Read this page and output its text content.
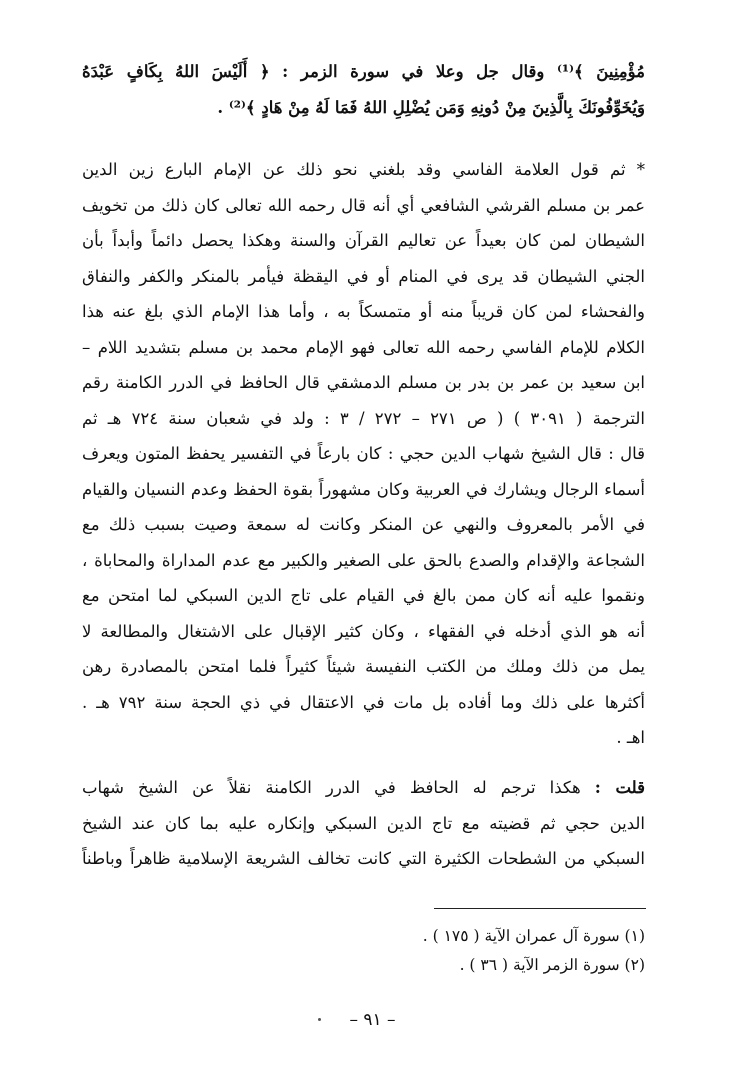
مُؤْمِنِينَ ﴾⁽¹⁾ وقال جل وعلا في سورة الزمر : ﴿ أَلَيْسَ اللهُ بِكَافٍ عَبْدَهُ
وَيُخَوِّفُونَكَ بِالَّذِينَ مِنْ دُونِهِ وَمَن يُضْلِلِ اللهُ فَمَا لَهُ مِنْ هَادٍ ﴾⁽²⁾ .
* ثم قول العلامة الفاسي وقد بلغني نحو ذلك عن الإمام البارع زين الدين
عمر بن مسلم القرشي الشافعي أي أنه قال رحمه الله تعالى كان ذلك من تخويف
الشيطان لمن كان بعيداً عن تعاليم القرآن والسنة وهكذا يحصل دائماً وأبداً بأن
الجني الشيطان قد يرى في المنام أو في اليقظة فيأمر بالمنكر والكفر والنفاق
والفحشاء لمن كان قريباً منه أو متمسكاً به ، وأما هذا الإمام الذي بلغ عنه هذا
الكلام للإمام الفاسي رحمه الله تعالى فهو الإمام محمد بن مسلم بتشديد اللام –
ابن سعيد بن عمر بن بدر بن مسلم الدمشقي قال الحافظ في الدرر الكامنة رقم
الترجمة ( ٣٠٩١ ) ( ص ٢٧١ – ٢٧٢ / ٣ : ولد في شعبان سنة ٧٢٤ هـ ثم
قال : قال الشيخ شهاب الدين حجي : كان بارعاً في التفسير يحفظ المتون ويعرف
أسماء الرجال ويشارك في العربية وكان مشهوراً بقوة الحفظ وعدم النسيان والقيام
في الأمر بالمعروف والنهي عن المنكر وكانت له سمعة وصيت بسبب ذلك مع
الشجاعة والإقدام والصدع بالحق على الصغير والكبير مع عدم المداراة والمحاباة ،
ونقموا عليه أنه كان ممن بالغ في القيام على تاج الدين السبكي لما امتحن مع
أنه هو الذي أدخله في الفقهاء ، وكان كثير الإقبال على الاشتغال والمطالعة لا
يمل من ذلك وملك من الكتب النفيسة شيئاً كثيراً فلما امتحن بالمصادرة رهن
أكثرها على ذلك وما أفاده بل مات في الاعتقال في ذي الحجة سنة ٧٩٢ هـ .
اهـ .
قلت : هكذا ترجم له الحافظ في الدرر الكامنة نقلاً عن الشيخ شهاب
الدين حجي ثم قضيته مع تاج الدين السبكي وإنكاره عليه بما كان عند الشيخ
السبكي من الشطحات الكثيرة التي كانت تخالف الشريعة الإسلامية ظاهراً وباطناً
(١) سورة آل عمران الآية ( ١٧٥ ) .
(٢) سورة الزمر الآية ( ٣٦ ) .
– ٩١ –
